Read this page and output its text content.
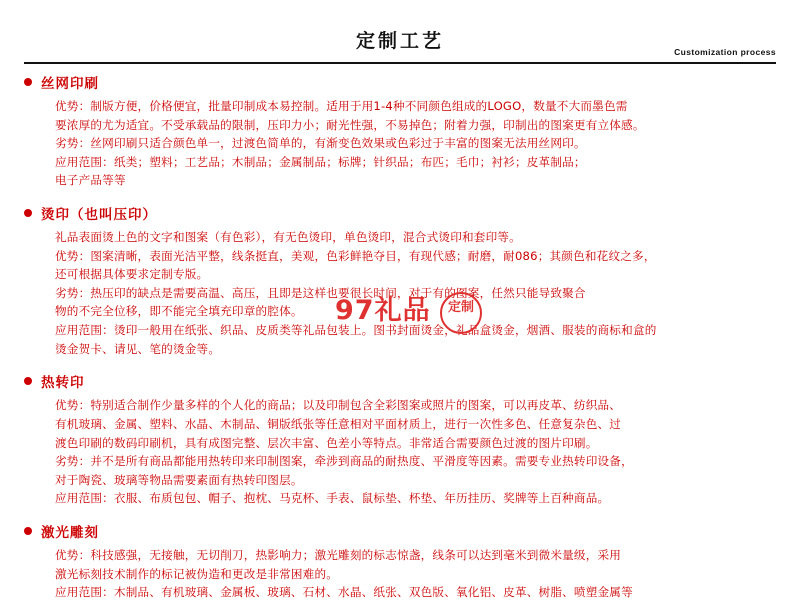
定制工艺	Customization process
丝网印刷

优势：制版方便，价格便宜，批量印制成本易控制。适用于用1-4种不同颜色组成的LOGO，数量不大而墨色需

要浓厚的尤为适宜。不受承载品的限制，压印力小；耐光性强，不易掉色；附着力强，印制出的图案更有立体感。

劣势：丝网印刷只适合颜色单一，过渡色简单的，有渐变色效果或色彩过于丰富的图案无法用丝网印。

应用范围：纸类；塑料；工艺品；木制品；金属制品；标牌；针织品；布匹；毛巾；衬衫；皮革制品；

电子产品等等

烫印（也叫压印）

礼品表面烫上色的文字和图案（有色彩），有无色烫印，单色烫印，混合式烫印和套印等。

优势：图案清晰，表面光洁平整，线条挺直，美观，色彩鲜艳夺目，有现代感；耐磨，耐086；其颜色和花纹之多，

还可根据具体要求定制专版。

劣势：热压印的缺点是需要高温、高压，且即是这样也要很长时间，对于有的图案，任然只能导致聚合

物的不完全位移，即不能完全填充印章的腔体。

应用范围：烫印一般用在纸张、织品、皮质类等礼品包装上。图书封面烫金，礼品盒烫金，烟酒、服装的商标和盒的

烫金贺卡、请见、笔的烫金等。

热转印

优势：特别适合制作少量多样的个人化的商品；以及印制包含全彩图案或照片的图案，可以再皮革、纺织品、

有机玻璃、金属、塑料、水晶、木制品、铜版纸张等任意相对平面材质上，进行一次性多色、任意复杂色、过

渡色印刷的数码印刷机，具有成图完整、层次丰富、色差小等特点。非常适合需要颜色过渡的图片印刷。

劣势：并不是所有商品都能用热转印来印制图案，牵涉到商品的耐热度、平滑度等因素。需要专业热转印设备，

对于陶瓷、玻璃等物品需要素面有热转印图层。

应用范围：衣服、布质包包、帽子、抱枕、马克杯、手表、鼠标垫、杯垫、年历挂历、奖牌等上百种商品。

激光雕刻

优势：科技感强，无接触，无切削刀，热影响力；激光雕刻的标志惊盏，线条可以达到毫米到微米量级，采用

激光标刻技术制作的标记被伪造和更改是非常困难的。

应用范围：木制品、有机玻璃、金属板、玻璃、石材、水晶、纸张、双色版、氧化铝、皮革、树脂、喷塑金属等

97礼品	定制
